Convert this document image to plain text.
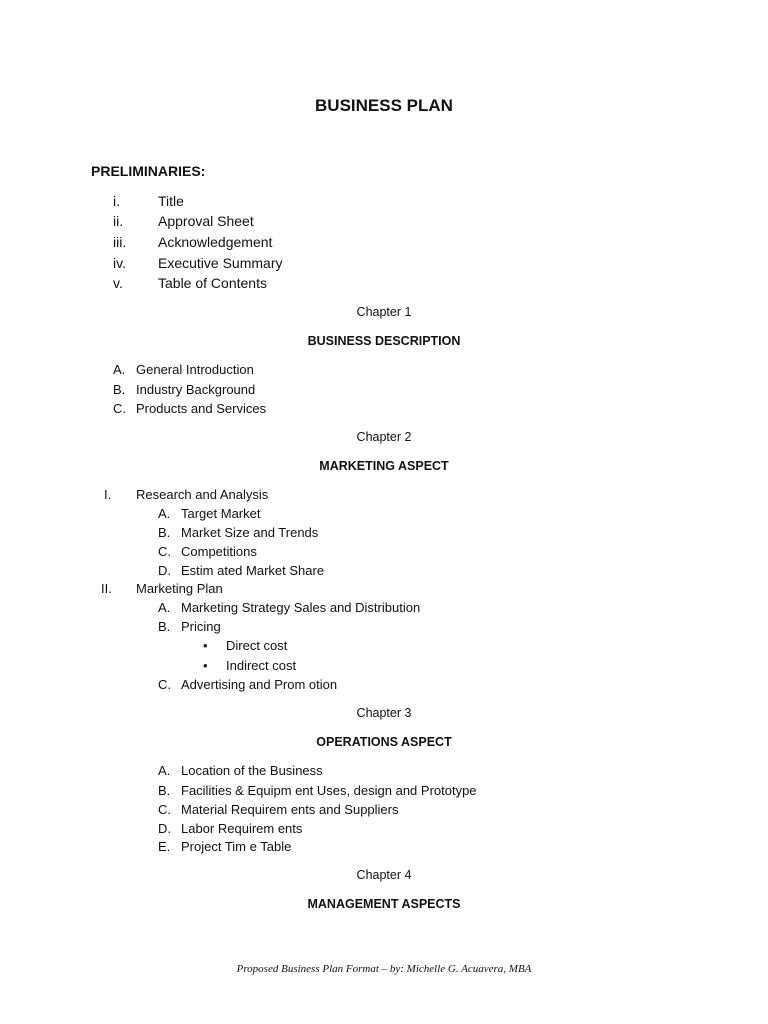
BUSINESS PLAN
PRELIMINARIES:
i.	Title
ii. Approval Sheet
iii. Acknowledgement
iv. Executive Summary
v.	Table of Contents
Chapter 1
BUSINESS DESCRIPTION
A. General Introduction
B. Industry Background
C. Products and Services
Chapter 2
MARKETING ASPECT
I. Research and Analysis
A. Target Market
B. Market Size and Trends
C. Competitions
D. Estim ated Market Share
II. Marketing Plan
A. Marketing Strategy Sales and Distribution
B. Pricing
• Direct cost
• Indirect cost
C. Advertising and Prom otion
Chapter 3
OPERATIONS ASPECT
A. Location of the Business
B. Facilities & Equipm ent Uses, design and Prototype
C. Material Requirem ents and Suppliers
D. Labor Requirem ents
E. Project Tim e Table
Chapter 4
MANAGEMENT ASPECTS
Proposed Business Plan Format – by: Michelle G. Acuavera, MBA
